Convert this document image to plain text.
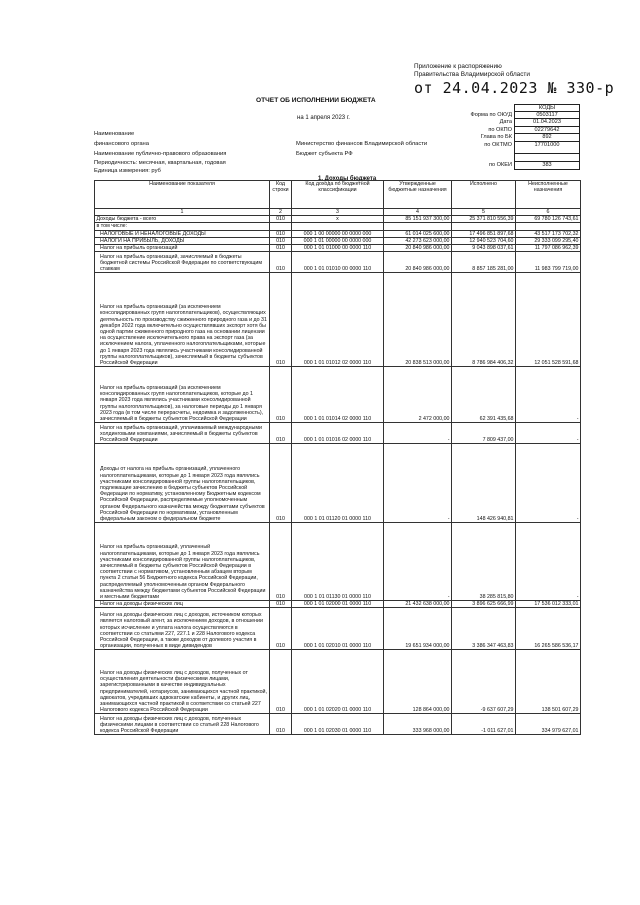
Приложение к распоряжению
Правительства Владимирской области
от 24.04.2023 № 330-р
ОТЧЕТ ОБ ИСПОЛНЕНИИ БЮДЖЕТА
на 1 апреля 2023 г.
Наименование
финансового органа	Министерство финансов Владимирской области
Наименование публично-правового образования	Бюджет субъекта РФ
Периодичность: месячная, квартальная, годовая
Единица измерения: руб
КОДЫ
Форма по ОКУД	0503117
Дата	01.04.2023
по ОКПО	02279642
Глава по БК	892
по ОКТМО	17701000
по ОКЕИ	383
1. Доходы бюджета
Наименование показателя	Код строки	Код дохода по бюджетной классификации	Утвержденные бюджетные назначения	Исполнено	Неисполненные назначения
1	2	3	4	5	6
Доходы бюджета - всего	010	x	85 151 937 300,00	25 371 810 556,39	69 780 126 743,61
в том числе:					
НАЛОГОВЫЕ И НЕНАЛОГОВЫЕ ДОХОДЫ	010	000 1 00 00000 00 0000 000	61 014 025 600,00	17 496 851 897,68	43 517 173 702,32
НАЛОГИ НА ПРИБЫЛЬ, ДОХОДЫ	010	000 1 01 00000 00 0000 000	42 273 623 000,00	12 940 523 704,60	29 333 099 295,40
Налог на прибыль организаций	010	000 1 01 01000 00 0000 110	20 840 986 000,00	9 043 898 037,61	11 797 086 962,39
Налог на прибыль организаций, зачисляемый в бюджеты бюджетной системы Российской Федерации по соответствующим ставкам	010	000 1 01 01010 00 0000 110	20 840 986 000,00	8 857 185 281,00	11 983 799 719,00
Налог на прибыль организаций (за исключением консолидированных групп налогоплательщиков), осуществляющих деятельность по производству сжиженного природного газа и до 31 декабря 2022 года включительно осуществлявших экспорт хотя бы одной партии сжиженного природного газа на основании лицензии на осуществление исключительного права на экспорт газа (за исключением налога, уплаченного налогоплательщиками, которые до 1 января 2023 года являлись участниками консолидированной группы налогоплательщиков), зачисляемый в бюджеты субъектов Российской Федерации	010	000 1 01 01012 02 0000 110	20 838 513 000,00	8 786 984 406,32	12 051 528 591,68
Налог на прибыль организаций (за исключением консолидированных групп налогоплательщиков, которые до 1 января 2023 года являлись участниками консолидированной группы налогоплательщиков), за налоговые периоды до 1 января 2023 года (в том числе перерасчеты, недоимка и задолженность), зачисляемый в бюджеты субъектов Российской Федерации	010	000 1 01 01014 02 0000 110	2 472 000,00	62 391 435,68	-
Налог на прибыль организаций, уплачиваемый международными холдинговыми компаниями, зачисляемый в бюджеты субъектов Российской Федерации	010	000 1 01 01016 02 0000 110	-	7 809 437,00	-
Доходы от налога на прибыль организаций, уплаченного налогоплательщиками, которые до 1 января 2023 года являлись участниками консолидированной группы налогоплательщиков, подлежащие зачислению в бюджеты субъектов Российской Федерации по нормативу, установленному Бюджетным кодексом Российской Федерации, распределяемые уполномоченным органом Федерального казначейства между бюджетами субъектов Российской Федерации по нормативам, установленным федеральным законом о федеральном бюджете	010	000 1 01 01120 01 0000 110	-	148 426 940,81	-
Налог на прибыль организаций, уплаченный налогоплательщиками, которые до 1 января 2023 года являлись участниками консолидированной группы налогоплательщиков, зачисляемый в бюджеты субъектов Российской Федерации в соответствии с нормативом, установленным абзацем вторым пункта 2 статьи 56 Бюджетного кодекса Российской Федерации, распределяемый уполномоченным органом Федерального казначейства между бюджетами субъектов Российской Федерации и местными бюджетами	010	000 1 01 01130 01 0000 110	-	38 285 815,80	-
Налог на доходы физических лиц	010	000 1 01 02000 01 0000 110	21 432 638 000,00	3 896 625 666,99	17 536 012 333,01
Налог на доходы физических лиц с доходов, источником которых является налоговый агент, за исключением доходов, в отношении которых исчисление и уплата налога осуществляются в соответствии со статьями 227, 227.1 и 228 Налогового кодекса Российской Федерации, а также доходов от долевого участия в организации, полученных в виде дивидендов	010	000 1 01 02010 01 0000 110	19 651 934 000,00	3 386 347 463,83	16 265 586 536,17
Налог на доходы физических лиц с доходов, полученных от осуществления деятельности физическими лицами, зарегистрированными в качестве индивидуальных предпринимателей, нотариусов, занимающихся частной практикой, адвокатов, учредивших адвокатские кабинеты, и других лиц, занимающихся частной практикой в соответствии со статьей 227 Налогового кодекса Российской Федерации	010	000 1 01 02020 01 0000 110	128 864 000,00	-9 637 607,29	138 501 607,29
Налог на доходы физических лиц с доходов, полученных физическими лицами в соответствии со статьей 228 Налогового кодекса Российской Федерации	010	000 1 01 02030 01 0000 110	333 968 000,00	-1 011 627,01	334 979 627,01
